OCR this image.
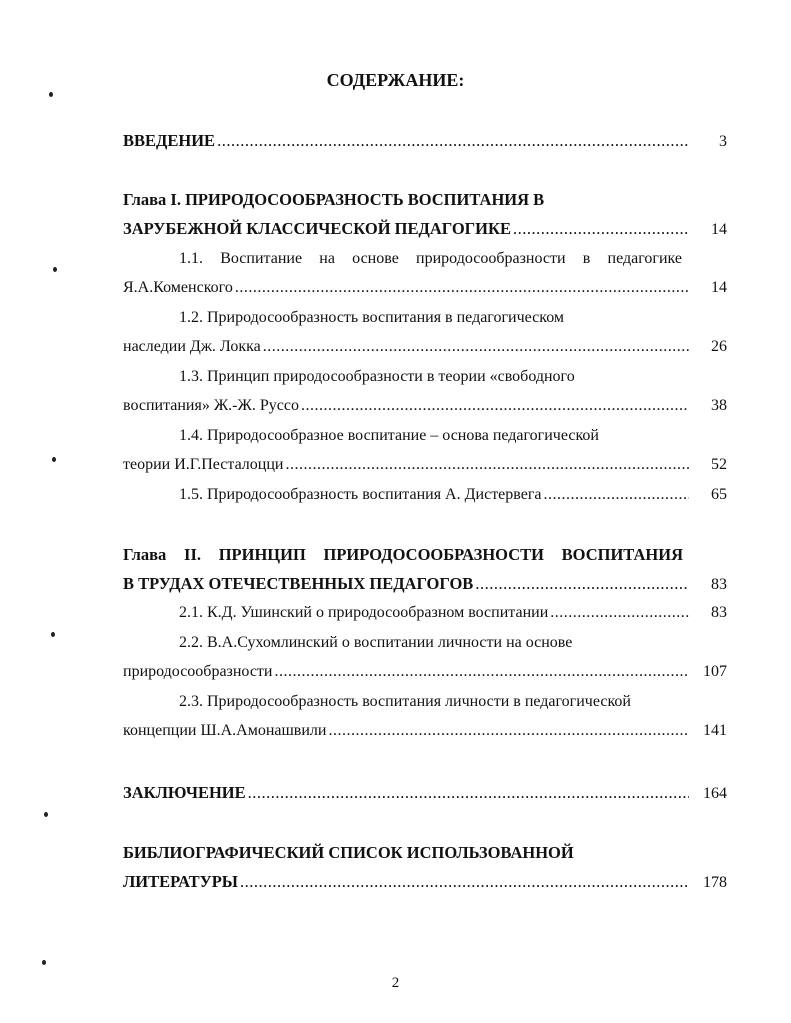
СОДЕРЖАНИЕ:
ВВЕДЕНИЕ .....	3
Глава I. ПРИРОДОСООБРАЗНОСТЬ ВОСПИТАНИЯ В
ЗАРУБЕЖНОЙ КЛАССИЧЕСКОЙ ПЕДАГОГИКЕ .....	14
1.1. Воспитание на основе природосообразности в педагогике
Я.А.Коменского .....	14
1.2. Природосообразность воспитания в педагогическом
наследии Дж. Локка .....	26
1.3. Принцип природосообразности в теории «свободного
воспитания» Ж.-Ж. Руссо .....	38
1.4. Природосообразное воспитание – основа педагогической
теории И.Г.Песталоцци .....	52
1.5. Природосообразность воспитания А. Дистервега .....	65
Глава II. ПРИНЦИП ПРИРОДОСООБРАЗНОСТИ ВОСПИТАНИЯ
В ТРУДАХ ОТЕЧЕСТВЕННЫХ ПЕДАГОГОВ .....	83
2.1. К.Д. Ушинский о природосообразном воспитании .....	83
2.2. В.А.Сухомлинский о воспитании личности на основе
природосообразности .....	107
2.3. Природосообразность воспитания личности в педагогической
концепции Ш.А.Амонашвили .....	141
ЗАКЛЮЧЕНИЕ .....	164
БИБЛИОГРАФИЧЕСКИЙ СПИСОК ИСПОЛЬЗОВАННОЙ
ЛИТЕРАТУРЫ .....	178
2
